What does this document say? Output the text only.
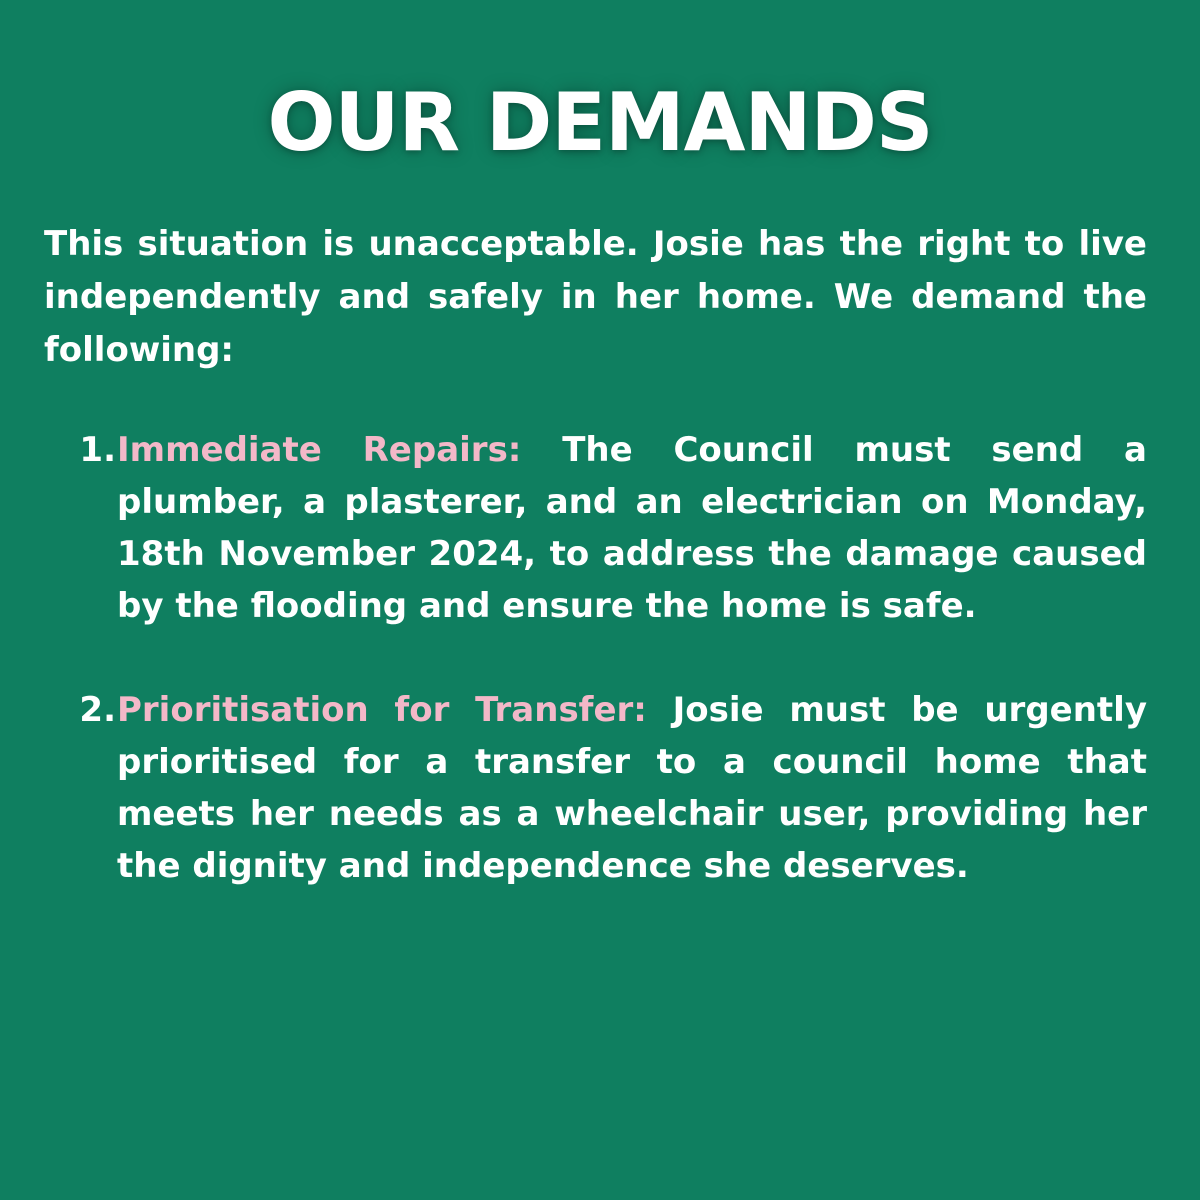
OUR DEMANDS

This situation is unacceptable. Josie has the right to live independently and safely in her home. We demand the following:

1. Immediate Repairs: The Council must send a plumber, a plasterer, and an electrician on Monday, 18th November 2024, to address the damage caused by the flooding and ensure the home is safe.

2. Prioritisation for Transfer: Josie must be urgently prioritised for a transfer to a council home that meets her needs as a wheelchair user, providing her the dignity and independence she deserves.
